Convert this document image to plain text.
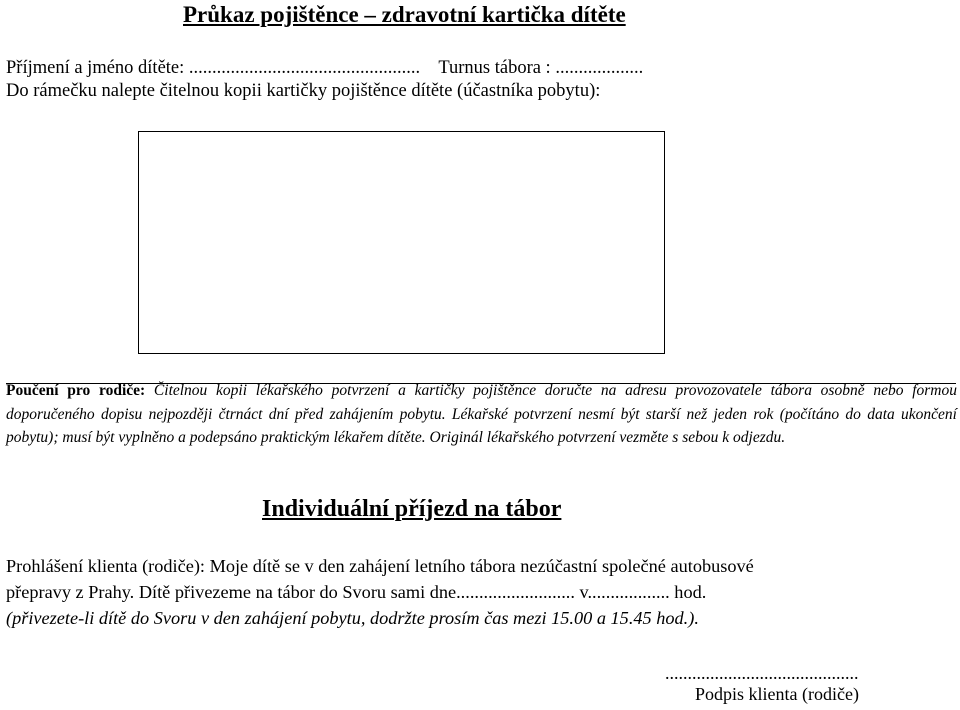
Průkaz pojištěnce – zdravotní kartička dítěte
Příjmení a jméno dítěte: .................................................. Turnus tábora : ...................
Do rámečku nalepte čitelnou kopii kartičky pojištěnce dítěte (účastníka pobytu):

Poučení pro rodiče: Čitelnou kopii lékařského potvrzení a kartičky pojištěnce doručte na adresu provozovatele tábora osobně nebo formou doporučeného dopisu nejpozději čtrnáct dní před zahájením pobytu. Lékařské potvrzení nesmí být starší než jeden rok (počítáno do data ukončení pobytu); musí být vyplněno a podepsáno praktickým lékařem dítěte. Originál lékařského potvrzení vezměte s sebou k odjezdu.

Individuální příjezd na tábor

Prohlášení klienta (rodiče): Moje dítě se v den zahájení letního tábora nezúčastní společné autobusové

přepravy z Prahy. Dítě přivezeme na tábor do Svoru sami dne.......................... v.................. hod.

(přivezete-li dítě do Svoru v den zahájení pobytu, dodržte prosím čas mezi 15.00 a 15.45 hod.).

...........................................
Podpis klienta (rodiče)
